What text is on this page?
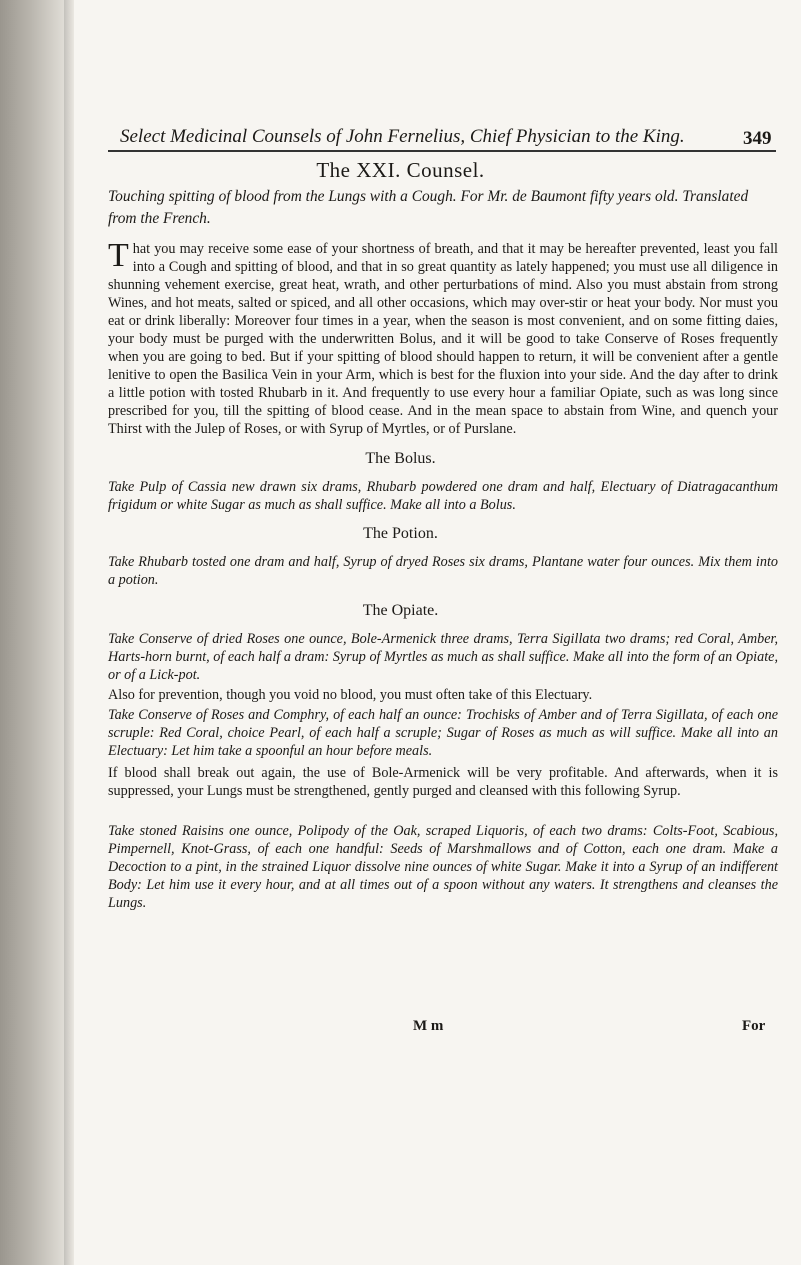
Select Medicinal Counsels of John Fernelius, Chief Physician to the King.	349
The XXI. Counsel.
Touching spitting of blood from the Lungs with a Cough. For Mr. de Baumont fifty years old. Translated from the French.
That you may receive some ease of your shortness of breath, and that it may be hereafter prevented, least you fall into a Cough and spitting of blood, and that in so great quantity as lately happened; you must use all diligence in shunning vehement exercise, great heat, wrath, and other perturbations of mind. Also you must abstain from strong Wines, and hot meats, salted or spiced, and all other occasions, which may over-stir or heat your body. Nor must you eat or drink liberally: Moreover four times in a year, when the season is most convenient, and on some fitting daies, your body must be purged with the underwritten Bolus, and it will be good to take Conserve of Roses frequently when you are going to bed. But if your spitting of blood should happen to return, it will be convenient after a gentle lenitive to open the Basilica Vein in your Arm, which is best for the fluxion into your side. And the day after to drink a little potion with tosted Rhubarb in it. And frequently to use every hour a familiar Opiate, such as was long since prescribed for you, till the spitting of blood cease. And in the mean space to abstain from Wine, and quench your Thirst with the Julep of Roses, or with Syrup of Myrtles, or of Purslane.
The Bolus.
Take Pulp of Cassia new drawn six drams, Rhubarb powdered one dram and half, Electuary of Diatragacanthum frigidum or white Sugar as much as shall suffice. Make all into a Bolus.
The Potion.
Take Rhubarb tosted one dram and half, Syrup of dryed Roses six drams, Plantane water four ounces. Mix them into a potion.
The Opiate.
Take Conserve of dried Roses one ounce, Bole-Armenick three drams, Terra Sigillata two drams; red Coral, Amber, Harts-horn burnt, of each half a dram: Syrup of Myrtles as much as shall suffice. Make all into the form of an Opiate, or of a Lick-pot.
Also for prevention, though you void no blood, you must often take of this Electuary.
Take Conserve of Roses and Comphry, of each half an ounce: Trochisks of Amber and of Terra Sigillata, of each one scruple: Red Coral, choice Pearl, of each half a scruple; Sugar of Roses as much as will suffice. Make all into an Electuary: Let him take a spoonful an hour before meals.
If blood shall break out again, the use of Bole-Armenick will be very profitable. And afterwards, when it is suppressed, your Lungs must be strengthened, gently purged and cleansed with this following Syrup.
Take stoned Raisins one ounce, Polipody of the Oak, scraped Liquoris, of each two drams: Colts-Foot, Scabious, Pimpernell, Knot-Grass, of each one handful: Seeds of Marshmallows and of Cotton, each one dram. Make a Decoction to a pint, in the strained Liquor dissolve nine ounces of white Sugar. Make it into a Syrup of an indifferent Body: Let him use it every hour, and at all times out of a spoon without any waters. It strengthens and cleanses the Lungs.
M m	For
